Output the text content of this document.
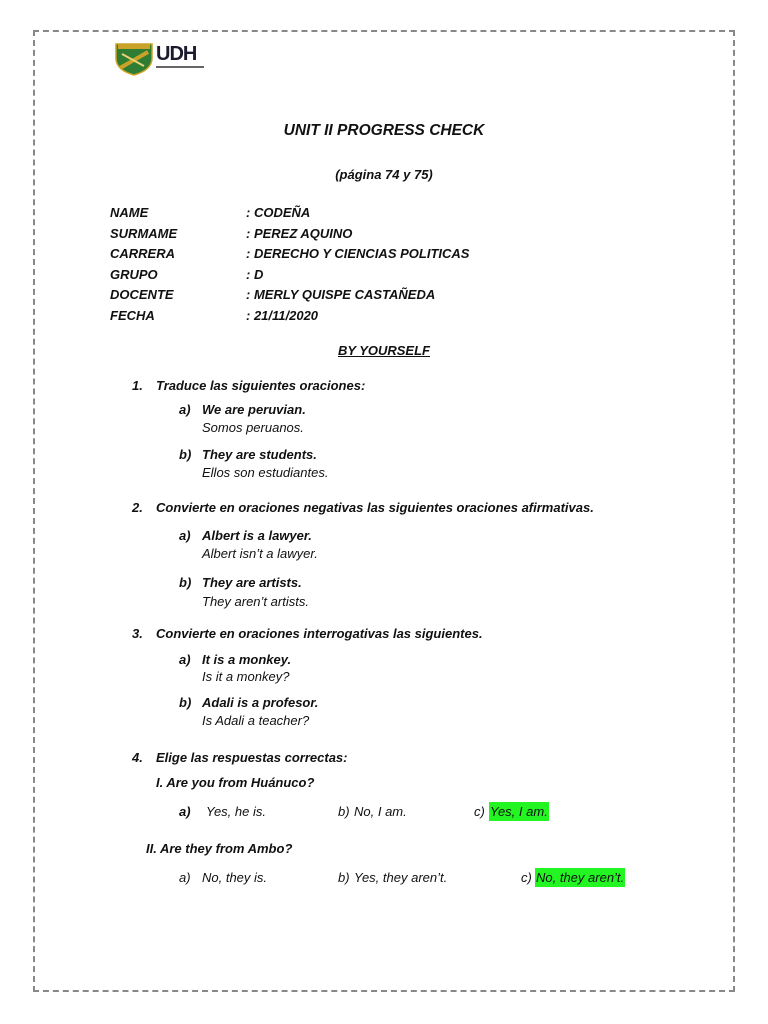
UDH
UNIT II PROGRESS CHECK
(página 74 y 75)
NAME	: CODEÑA
SURMAME	: PEREZ AQUINO
CARRERA	: DERECHO Y CIENCIAS POLITICAS
GRUPO	: D
DOCENTE	: MERLY QUISPE CASTAÑEDA
FECHA	: 21/11/2020
BY YOURSELF
1. Traduce las siguientes oraciones:
a) We are peruvian.
Somos peruanos.
b) They are students.
Ellos son estudiantes.
2. Convierte en oraciones negativas las siguientes oraciones afirmativas.
a) Albert is a lawyer.
Albert isn’t a lawyer.
b) They are artists.
They aren’t artists.
3. Convierte en oraciones interrogativas las siguientes.
a) It is a monkey.
Is it a monkey?
b) Adali is a profesor.
Is Adali a teacher?
4. Elige las respuestas correctas:
I. Are you from Huánuco?
a) Yes, he is.	b) No, I am.	c) Yes, I am.
II. Are they from Ambo?
a) No, they is.	b) Yes, they aren’t.	c) No, they aren’t.
